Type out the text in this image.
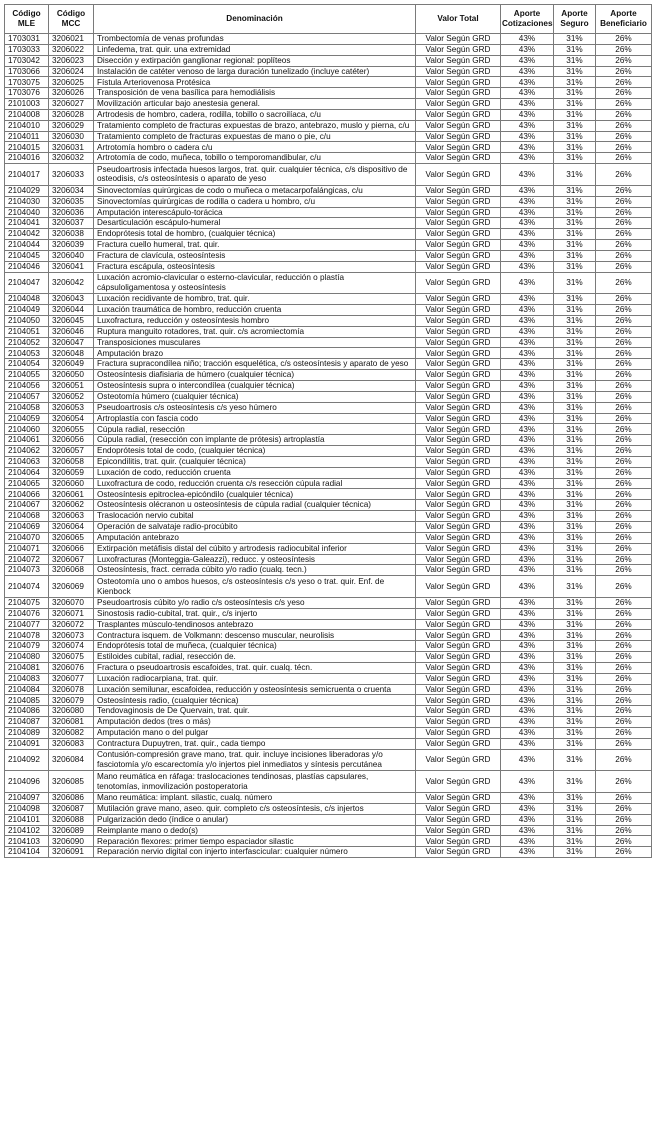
Código MLE	Código MCC	Denominación	Valor Total	Aporte Cotizaciones	Aporte Seguro	Aporte Beneficiario
1703031	3206021	Trombectomía de venas profundas	Valor Según GRD	43%	31%	26%
1703033	3206022	Linfedema, trat. quir. una extremidad	Valor Según GRD	43%	31%	26%
1703042	3206023	Disección y extirpación ganglionar regional: poplíteos	Valor Según GRD	43%	31%	26%
1703066	3206024	Instalación de catéter venoso de larga duración tunelizado (incluye catéter)	Valor Según GRD	43%	31%	26%
1703075	3206025	Fístula Arteriovenosa Protésica	Valor Según GRD	43%	31%	26%
1703076	3206026	Transposición de vena basílica para hemodiálisis	Valor Según GRD	43%	31%	26%
2101003	3206027	Movilización articular bajo anestesia general.	Valor Según GRD	43%	31%	26%
2104008	3206028	Artrodesis de hombro, cadera, rodilla, tobillo o sacroilíaca, c/u	Valor Según GRD	43%	31%	26%
2104010	3206029	Tratamiento completo de fracturas expuestas de brazo, antebrazo, muslo y pierna, c/u	Valor Según GRD	43%	31%	26%
2104011	3206030	Tratamiento completo de fracturas expuestas de mano o pie, c/u	Valor Según GRD	43%	31%	26%
2104015	3206031	Artrotomía hombro o cadera c/u	Valor Según GRD	43%	31%	26%
2104016	3206032	Artrotomía de codo, muñeca, tobillo o temporomandibular, c/u	Valor Según GRD	43%	31%	26%
2104017	3206033	Pseudoartrosis infectada huesos largos, trat. quir. cualquier técnica, c/s dispositivo de osteodisis, c/s osteosíntesis o aparato de yeso	Valor Según GRD	43%	31%	26%
2104029	3206034	Sinovectomías quirúrgicas de codo o muñeca o metacarpofalángicas, c/u	Valor Según GRD	43%	31%	26%
2104030	3206035	Sinovectomías quirúrgicas de rodilla o cadera u hombro, c/u	Valor Según GRD	43%	31%	26%
2104040	3206036	Amputación interescápulo-torácica	Valor Según GRD	43%	31%	26%
2104041	3206037	Desarticulación escápulo-humeral	Valor Según GRD	43%	31%	26%
2104042	3206038	Endoprótesis total de hombro, (cualquier técnica)	Valor Según GRD	43%	31%	26%
2104044	3206039	Fractura cuello humeral, trat. quir.	Valor Según GRD	43%	31%	26%
2104045	3206040	Fractura de clavícula, osteosíntesis	Valor Según GRD	43%	31%	26%
2104046	3206041	Fractura escápula, osteosíntesis	Valor Según GRD	43%	31%	26%
2104047	3206042	Luxación acromio-clavicular o esterno-clavicular, reducción o plastía cápsuloligamentosa y osteosíntesis	Valor Según GRD	43%	31%	26%
2104048	3206043	Luxación recidivante de hombro, trat. quir.	Valor Según GRD	43%	31%	26%
2104049	3206044	Luxación traumática de hombro, reducción cruenta	Valor Según GRD	43%	31%	26%
2104050	3206045	Luxofractura, reducción y osteosíntesis hombro	Valor Según GRD	43%	31%	26%
2104051	3206046	Ruptura manguito rotadores, trat. quir. c/s acromiectomía	Valor Según GRD	43%	31%	26%
2104052	3206047	Transposiciones musculares	Valor Según GRD	43%	31%	26%
2104053	3206048	Amputación brazo	Valor Según GRD	43%	31%	26%
2104054	3206049	Fractura supracondílea niño; tracción esquelética, c/s osteosíntesis y aparato de yeso	Valor Según GRD	43%	31%	26%
2104055	3206050	Osteosíntesis diafisiaria de húmero (cualquier técnica)	Valor Según GRD	43%	31%	26%
2104056	3206051	Osteosíntesis supra o intercondílea (cualquier técnica)	Valor Según GRD	43%	31%	26%
2104057	3206052	Osteotomía húmero (cualquier técnica)	Valor Según GRD	43%	31%	26%
2104058	3206053	Pseudoartrosis c/s osteosíntesis c/s yeso húmero	Valor Según GRD	43%	31%	26%
2104059	3206054	Artroplastía con fascia codo	Valor Según GRD	43%	31%	26%
2104060	3206055	Cúpula radial, resección	Valor Según GRD	43%	31%	26%
2104061	3206056	Cúpula radial, (resección con implante de prótesis) artroplastía	Valor Según GRD	43%	31%	26%
2104062	3206057	Endoprótesis total de codo, (cualquier técnica)	Valor Según GRD	43%	31%	26%
2104063	3206058	Epicondilitis, trat. quir. (cualquier técnica)	Valor Según GRD	43%	31%	26%
2104064	3206059	Luxación de codo, reducción cruenta	Valor Según GRD	43%	31%	26%
2104065	3206060	Luxofractura de codo, reducción cruenta c/s resección cúpula radial	Valor Según GRD	43%	31%	26%
2104066	3206061	Osteosíntesis epitroclea-epicóndilo (cualquier técnica)	Valor Según GRD	43%	31%	26%
2104067	3206062	Osteosíntesis olécranon u osteosíntesis de cúpula radial (cualquier técnica)	Valor Según GRD	43%	31%	26%
2104068	3206063	Traslocación nervio cubital	Valor Según GRD	43%	31%	26%
2104069	3206064	Operación de salvataje radio-procúbito	Valor Según GRD	43%	31%	26%
2104070	3206065	Amputación antebrazo	Valor Según GRD	43%	31%	26%
2104071	3206066	Extirpación metáfisis distal del cúbito y artrodesis radiocubital inferior	Valor Según GRD	43%	31%	26%
2104072	3206067	Luxofracturas (Monteggia-Galeazzi), reducc. y osteosíntesis	Valor Según GRD	43%	31%	26%
2104073	3206068	Osteosíntesis, fract. cerrada cúbito y/o radio (cualq. tecn.)	Valor Según GRD	43%	31%	26%
2104074	3206069	Osteotomía uno o ambos huesos, c/s osteosíntesis c/s yeso o trat. quir. Enf. de Kienbock	Valor Según GRD	43%	31%	26%
2104075	3206070	Pseudoartrosis cúbito y/o radio c/s osteosíntesis c/s yeso	Valor Según GRD	43%	31%	26%
2104076	3206071	Sinostosis radio-cubital, trat. quir., c/s injerto	Valor Según GRD	43%	31%	26%
2104077	3206072	Trasplantes músculo-tendinosos antebrazo	Valor Según GRD	43%	31%	26%
2104078	3206073	Contractura isquem. de Volkmann: descenso muscular, neurolisis	Valor Según GRD	43%	31%	26%
2104079	3206074	Endoprótesis total de muñeca, (cualquier técnica)	Valor Según GRD	43%	31%	26%
2104080	3206075	Estiloides cubital, radial, resección de.	Valor Según GRD	43%	31%	26%
2104081	3206076	Fractura o pseudoartrosis escafoides, trat. quir. cualq. técn.	Valor Según GRD	43%	31%	26%
2104083	3206077	Luxación radiocarpiana, trat. quir.	Valor Según GRD	43%	31%	26%
2104084	3206078	Luxación semilunar, escafoidea, reducción y osteosíntesis semicruenta o cruenta	Valor Según GRD	43%	31%	26%
2104085	3206079	Osteosíntesis radio, (cualquier técnica)	Valor Según GRD	43%	31%	26%
2104086	3206080	Tendovaginosis de De Quervain, trat. quir.	Valor Según GRD	43%	31%	26%
2104087	3206081	Amputación dedos (tres o más)	Valor Según GRD	43%	31%	26%
2104089	3206082	Amputación mano o del pulgar	Valor Según GRD	43%	31%	26%
2104091	3206083	Contractura Dupuytren, trat. quir., cada tiempo	Valor Según GRD	43%	31%	26%
2104092	3206084	Contusión-compresión grave mano, trat. quir. incluye incisiones liberadoras y/o fasciotomía y/o escarectomía y/o injertos piel inmediatos y síntesis percutánea	Valor Según GRD	43%	31%	26%
2104096	3206085	Mano reumática en ráfaga: traslocaciones tendinosas, plastías capsulares, tenotomías, inmovilización postoperatoria	Valor Según GRD	43%	31%	26%
2104097	3206086	Mano reumática: implant. silastic, cualq. número	Valor Según GRD	43%	31%	26%
2104098	3206087	Mutilación grave mano, aseo. quir. completo c/s osteosíntesis, c/s injertos	Valor Según GRD	43%	31%	26%
2104101	3206088	Pulgarización dedo (índice o anular)	Valor Según GRD	43%	31%	26%
2104102	3206089	Reimplante mano o dedo(s)	Valor Según GRD	43%	31%	26%
2104103	3206090	Reparación flexores: primer tiempo espaciador silastic	Valor Según GRD	43%	31%	26%
2104104	3206091	Reparación nervio digital con injerto interfascicular: cualquier número	Valor Según GRD	43%	31%	26%
